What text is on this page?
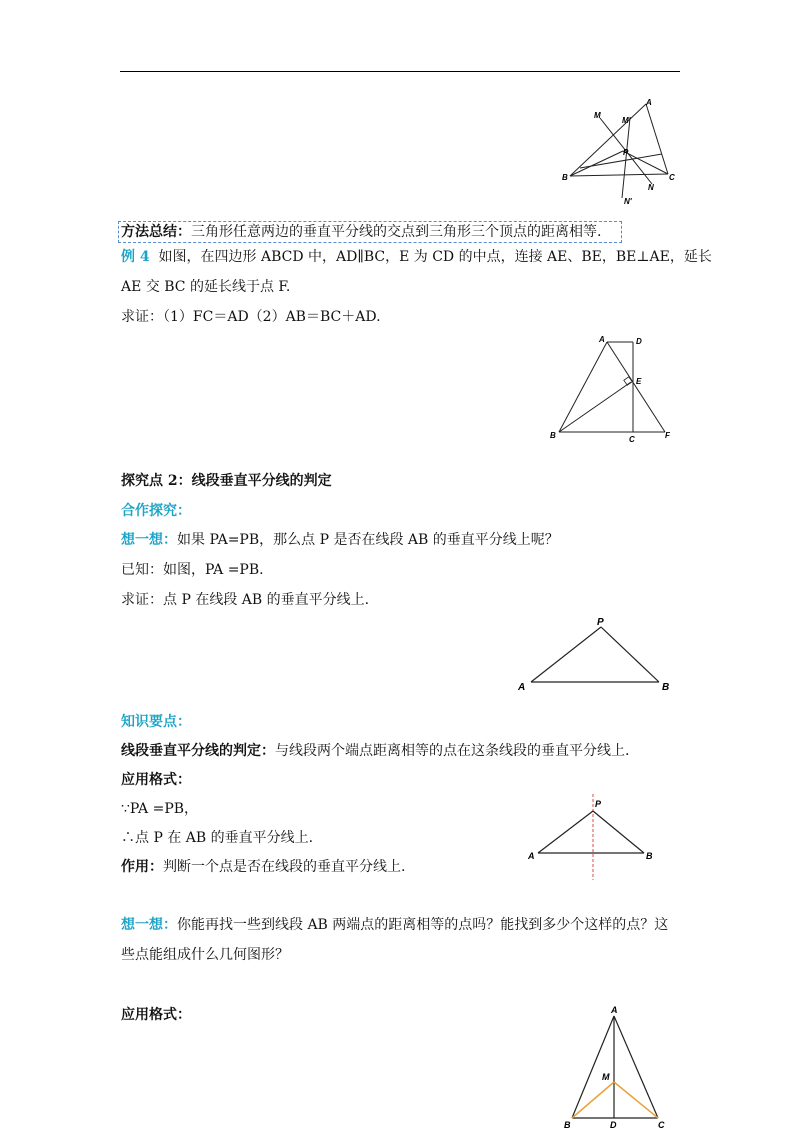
A
M
M'
P
B
N
C
N'
方法总结：三角形任意两边的垂直平分线的交点到三角形三个顶点的距离相等.
例 4 如图，在四边形 ABCD 中，AD∥BC，E 为 CD 的中点，连接 AE、BE，BE⊥AE，延长
AE 交 BC 的延长线于点 F.
求证：（1）FC＝AD（2）AB＝BC＋AD.
A	D
E
B	C	F
探究点 2：线段垂直平分线的判定
合作探究：
想一想：如果 PA=PB，那么点 P 是否在线段 AB 的垂直平分线上呢？
已知：如图，PA =PB.
求证：点 P 在线段 AB 的垂直平分线上.
P
A	B
知识要点：
线段垂直平分线的判定：与线段两个端点距离相等的点在这条线段的垂直平分线上.
应用格式：
∵PA =PB，
∴点 P 在 AB 的垂直平分线上.
作用：判断一个点是否在线段的垂直平分线上.
P
A	B
想一想：你能再找一些到线段 AB 两端点的距离相等的点吗？能找到多少个这样的点？这
些点能组成什么几何图形？
应用格式：	A
M
B	D	C
